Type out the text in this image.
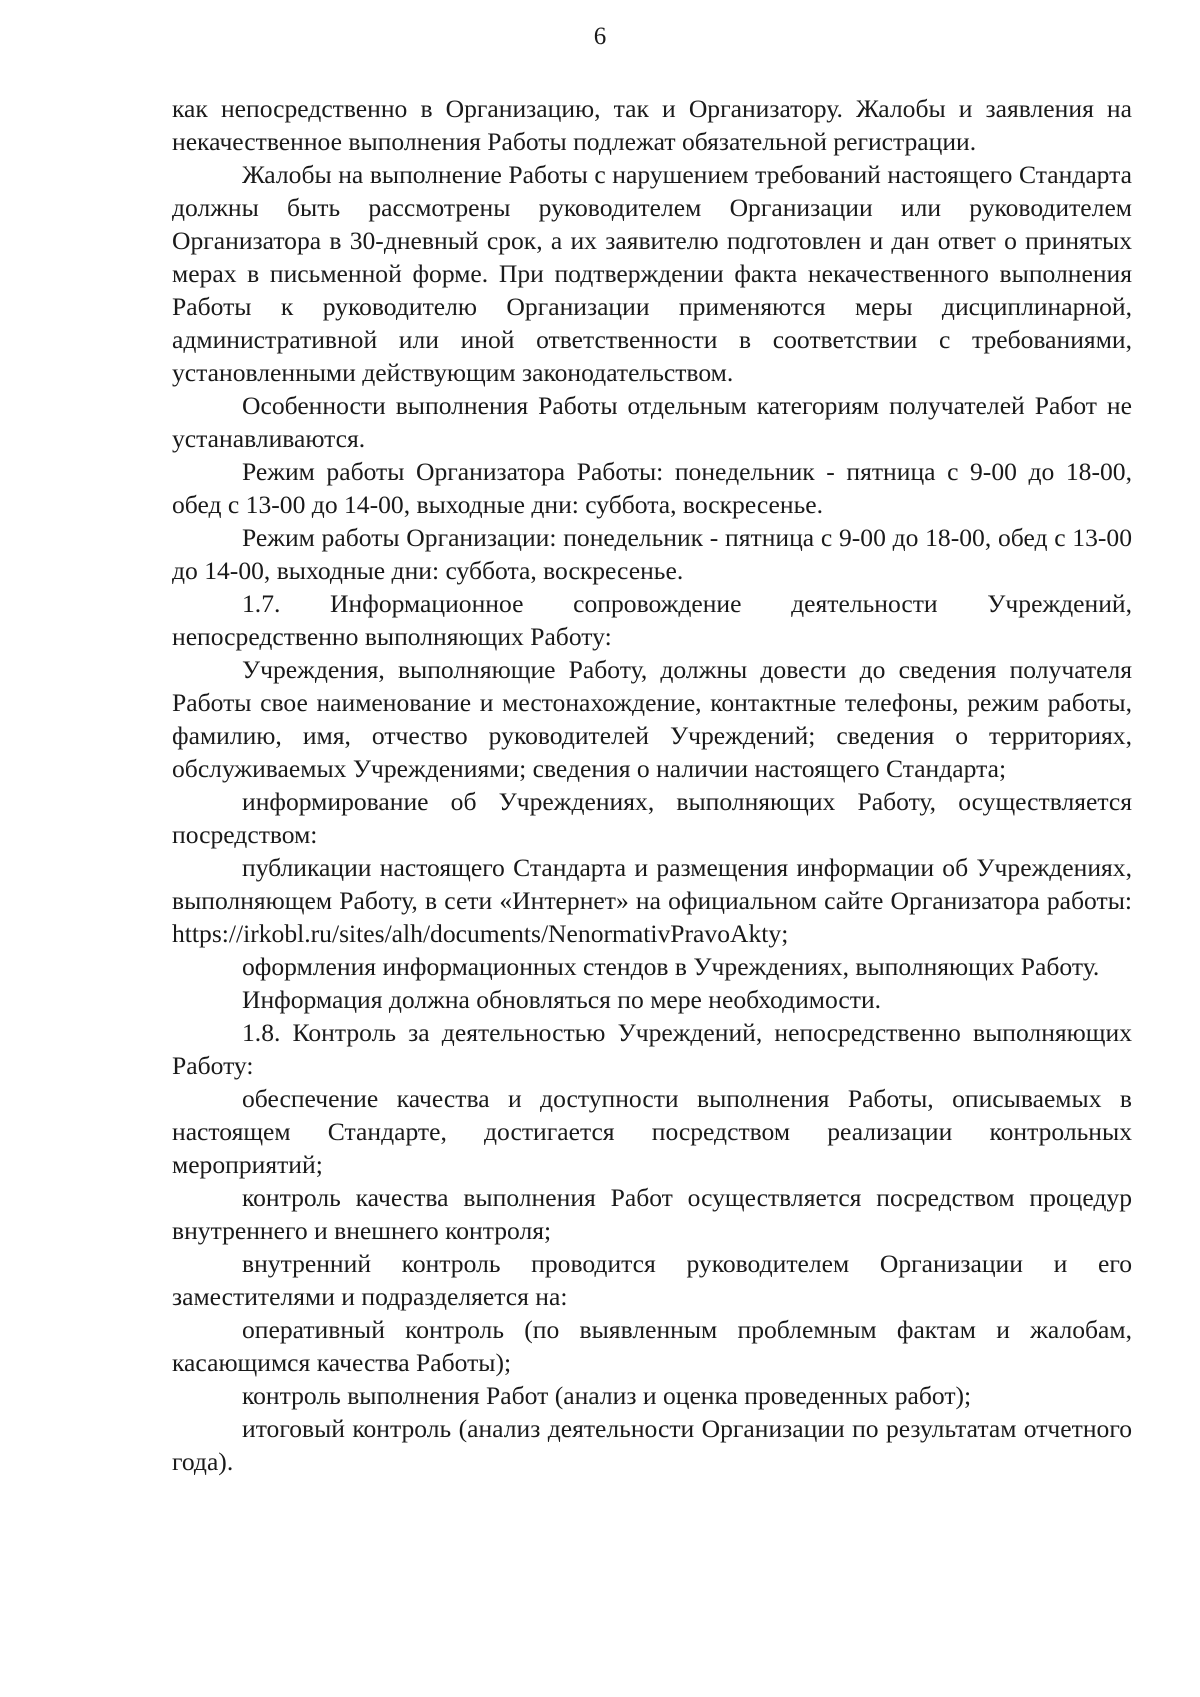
6

как непосредственно в Организацию, так и Организатору. Жалобы и заявления на некачественное выполнения Работы подлежат обязательной регистрации.

Жалобы на выполнение Работы с нарушением требований настоящего Стандарта должны быть рассмотрены руководителем Организации или руководителем Организатора в 30-дневный срок, а их заявителю подготовлен и дан ответ о принятых мерах в письменной форме. При подтверждении факта некачественного выполнения Работы к руководителю Организации применяются меры дисциплинарной, административной или иной ответственности в соответствии с требованиями, установленными действующим законодательством.

Особенности выполнения Работы отдельным категориям получателей Работ не устанавливаются.

Режим работы Организатора Работы: понедельник - пятница с 9-00 до 18-00, обед с 13-00 до 14-00, выходные дни: суббота, воскресенье.

Режим работы Организации: понедельник - пятница с 9-00 до 18-00, обед с 13-00 до 14-00, выходные дни: суббота, воскресенье.

1.7. Информационное сопровождение деятельности Учреждений, непосредственно выполняющих Работу:

Учреждения, выполняющие Работу, должны довести до сведения получателя Работы свое наименование и местонахождение, контактные телефоны, режим работы, фамилию, имя, отчество руководителей Учреждений; сведения о территориях, обслуживаемых Учреждениями; сведения о наличии настоящего Стандарта;

информирование об Учреждениях, выполняющих Работу, осуществляется посредством:

публикации настоящего Стандарта и размещения информации об Учреждениях, выполняющем Работу, в сети «Интернет» на официальном сайте Организатора работы: https://irkobl.ru/sites/alh/documents/NenormativPravoAkty;

оформления информационных стендов в Учреждениях, выполняющих Работу.

Информация должна обновляться по мере необходимости.

1.8. Контроль за деятельностью Учреждений, непосредственно выполняющих Работу:

обеспечение качества и доступности выполнения Работы, описываемых в настоящем Стандарте, достигается посредством реализации контрольных мероприятий;

контроль качества выполнения Работ осуществляется посредством процедур внутреннего и внешнего контроля;

внутренний контроль проводится руководителем Организации и его заместителями и подразделяется на:

оперативный контроль (по выявленным проблемным фактам и жалобам, касающимся качества Работы);

контроль выполнения Работ (анализ и оценка проведенных работ);

итоговый контроль (анализ деятельности Организации по результатам отчетного года).
